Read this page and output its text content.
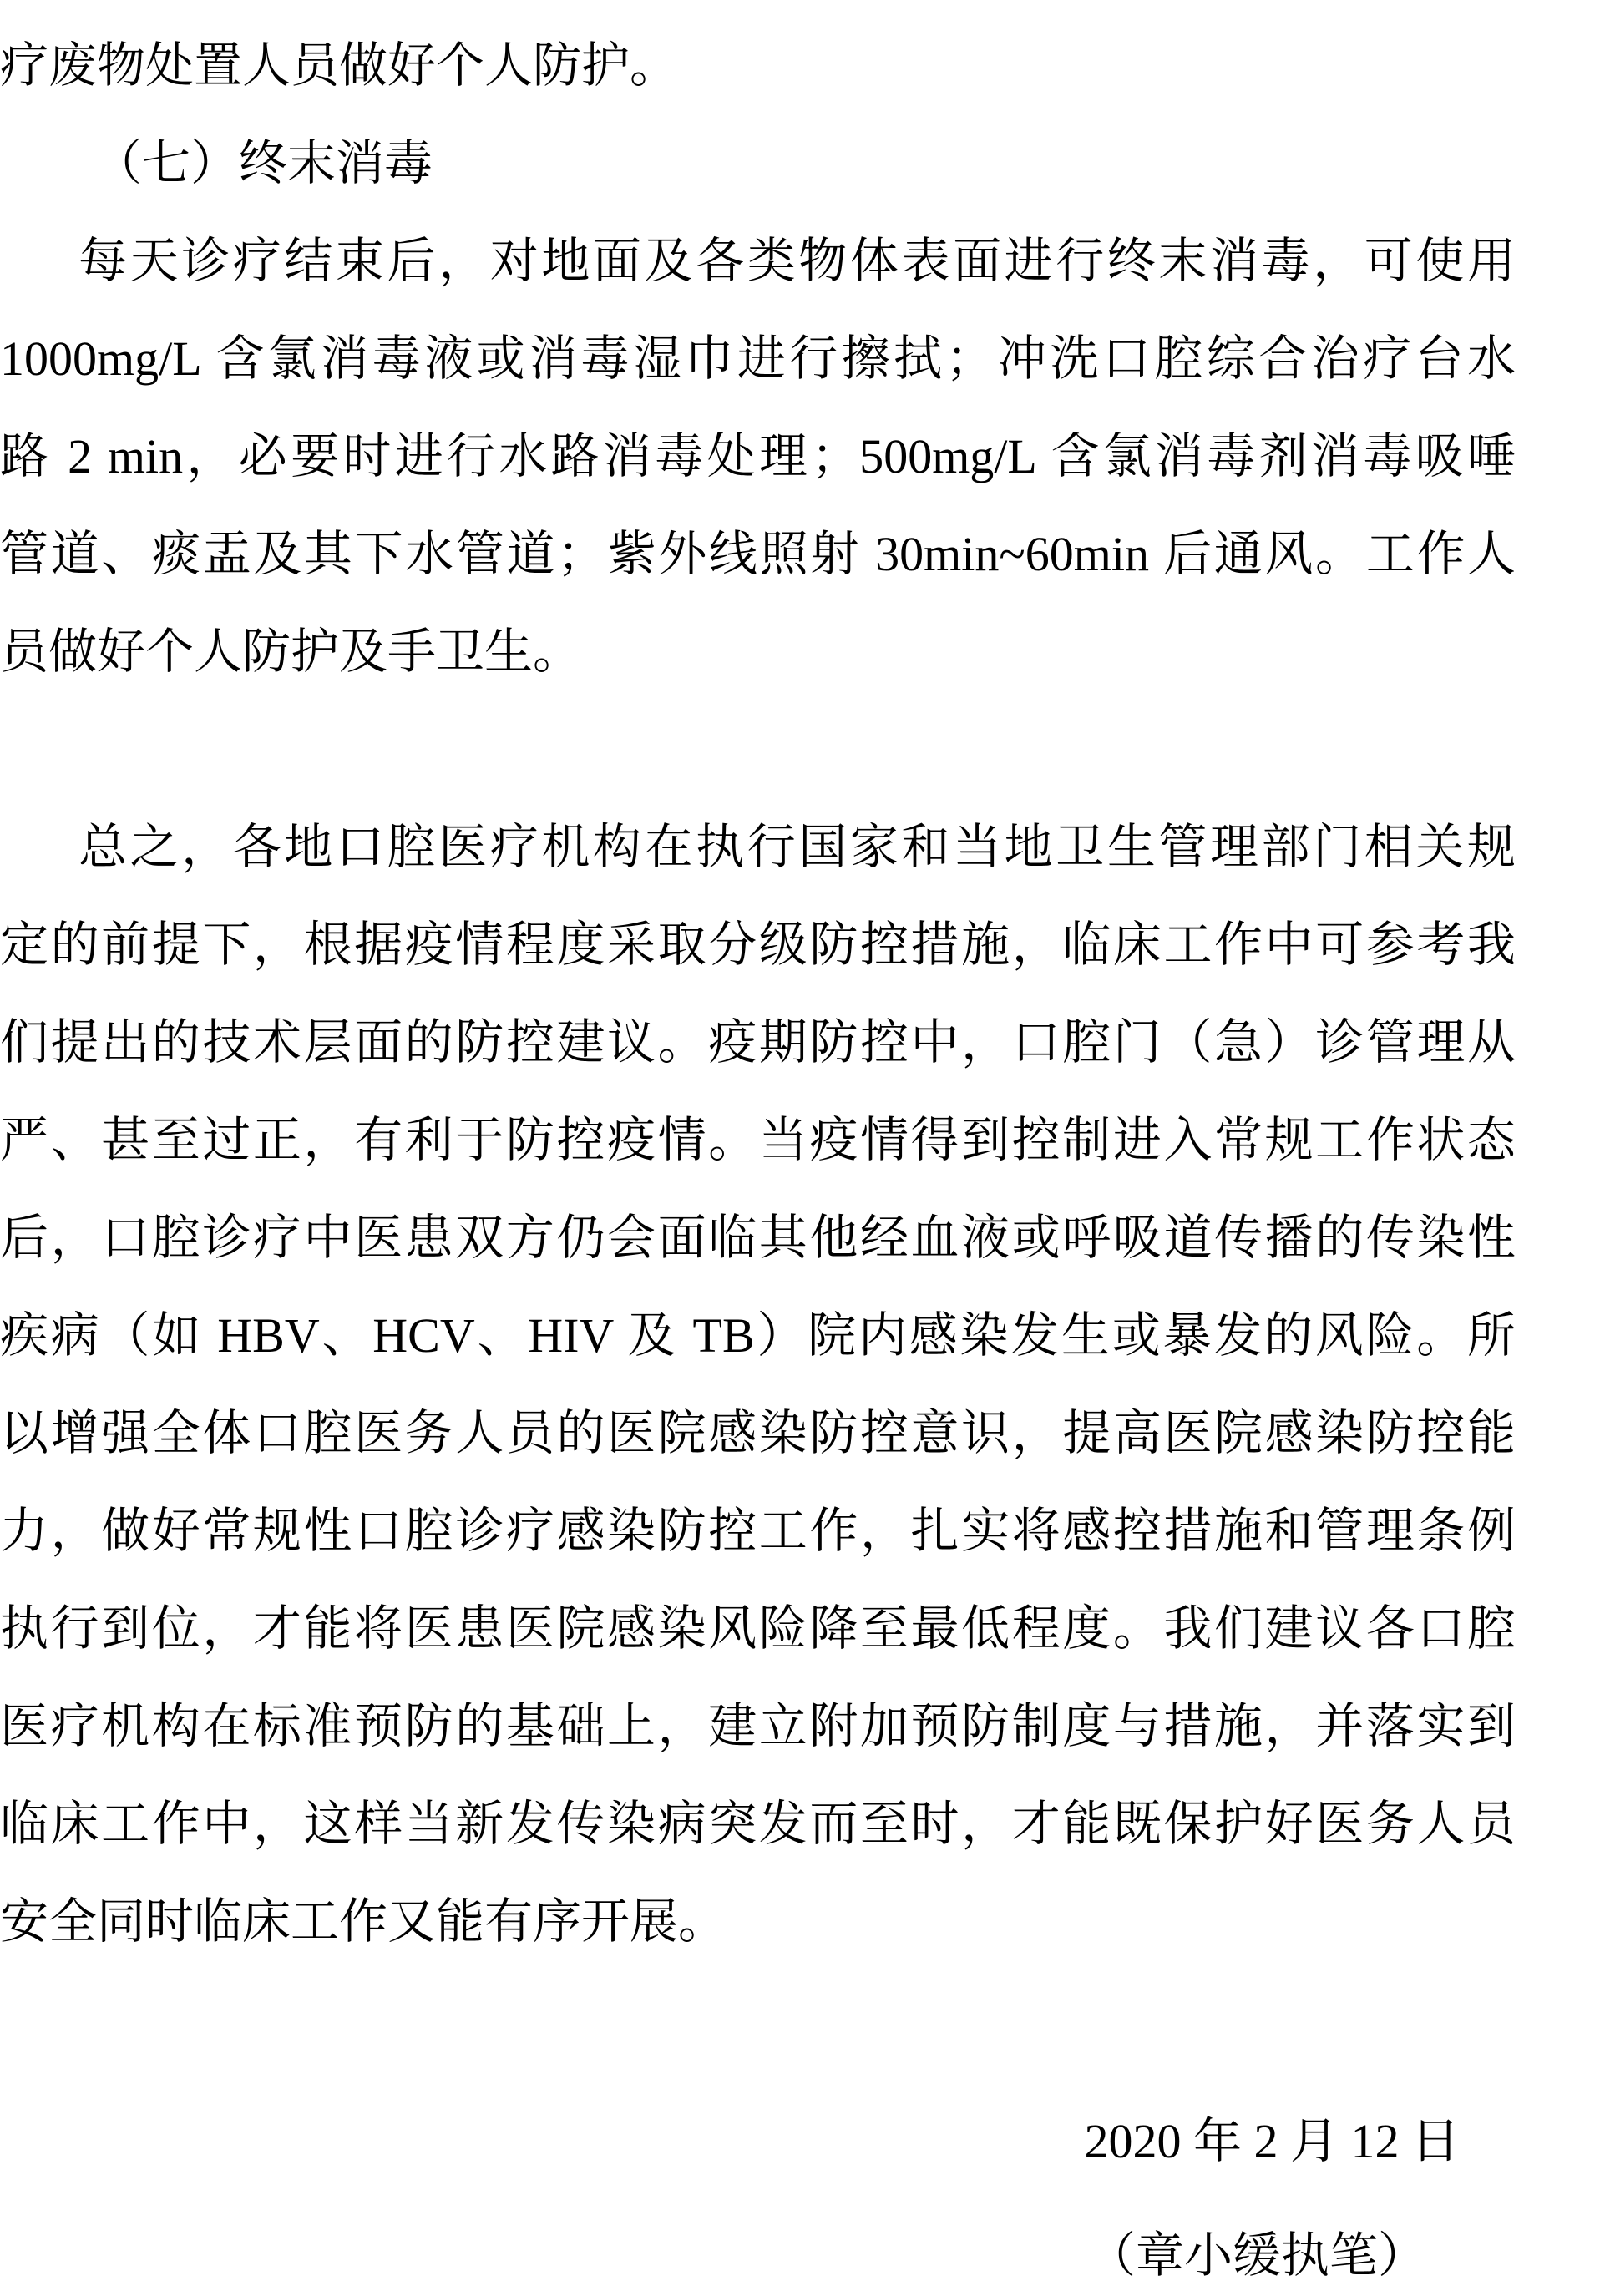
疗废物处置人员做好个人防护。
（七）终末消毒
每天诊疗结束后，对地面及各类物体表面进行终末消毒，可使用
1000mg/L 含氯消毒液或消毒湿巾进行擦拭；冲洗口腔综合治疗台水
路 2 min，必要时进行水路消毒处理；500mg/L 含氯消毒剂消毒吸唾
管道、痰盂及其下水管道；紫外线照射 30min~60min 后通风。工作人
员做好个人防护及手卫生。
总之，各地口腔医疗机构在执行国家和当地卫生管理部门相关规
定的前提下，根据疫情程度采取分级防控措施，临床工作中可参考我
们提出的技术层面的防控建议。疫期防控中，口腔门（急）诊管理从
严、甚至过正，有利于防控疫情。当疫情得到控制进入常规工作状态
后，口腔诊疗中医患双方仍会面临其他经血液或呼吸道传播的传染性
疾病（如 HBV、HCV、HIV 及 TB）院内感染发生或暴发的风险。所
以增强全体口腔医务人员的医院感染防控意识，提高医院感染防控能
力，做好常规性口腔诊疗感染防控工作，扎实将感控措施和管理条例
执行到位，才能将医患医院感染风险降至最低程度。我们建议各口腔
医疗机构在标准预防的基础上，建立附加预防制度与措施，并落实到
临床工作中，这样当新发传染病突发而至时，才能既保护好医务人员
安全同时临床工作又能有序开展。
2020 年 2 月 12 日
（章小缓执笔）
